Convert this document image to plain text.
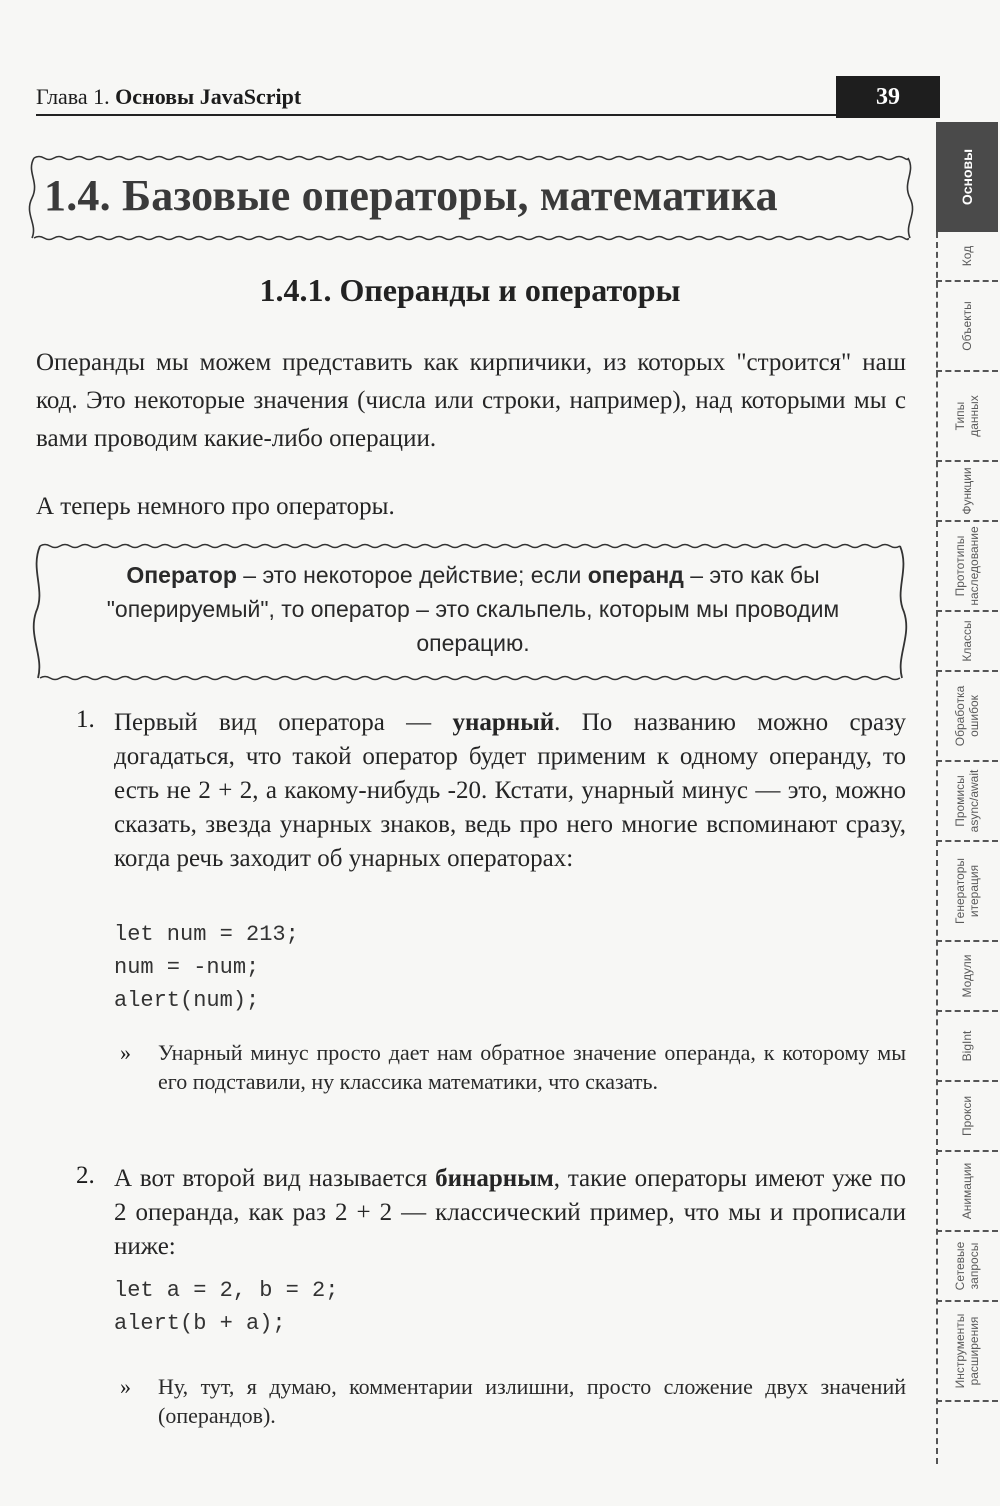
Глава 1. Основы JavaScript	39
1.4. Базовые операторы, математика
1.4.1. Операнды и операторы
Операнды мы можем представить как кирпичики, из которых "строится" наш код. Это некоторые значения (числа или строки, например), над которыми мы с вами проводим какие-либо операции.
А теперь немного про операторы.
Оператор – это некоторое действие; если операнд – это как бы "оперируемый", то оператор – это скальпель, которым мы проводим операцию.
1. Первый вид оператора — унарный. По названию можно сразу догадаться, что такой оператор будет применим к одному операнду, то есть не 2 + 2, а какому-нибудь -20. Кстати, унарный минус — это, можно сказать, звезда унарных знаков, ведь про него многие вспоминают сразу, когда речь заходит об унарных операторах:
let num = 213;
num = -num;
alert(num);
» Унарный минус просто дает нам обратное значение операнда, к которому мы его подставили, ну классика математики, что сказать.
2. А вот второй вид называется бинарным, такие операторы имеют уже по 2 операнда, как раз 2 + 2 — классический пример, что мы и прописали ниже:
let a = 2, b = 2;
alert(b + a);
» Ну, тут, я думаю, комментарии излишни, просто сложение двух значений (операндов).
Основы
Код
Объекты
Типы
данных
Функции
Прототипы
наследование
Классы
Обработка
ошибок
Промисы
async/await
Генераторы
итерация
Модули
BigInt
Прокси
Анимации
Сетевые
запросы
Инструменты
расширения
